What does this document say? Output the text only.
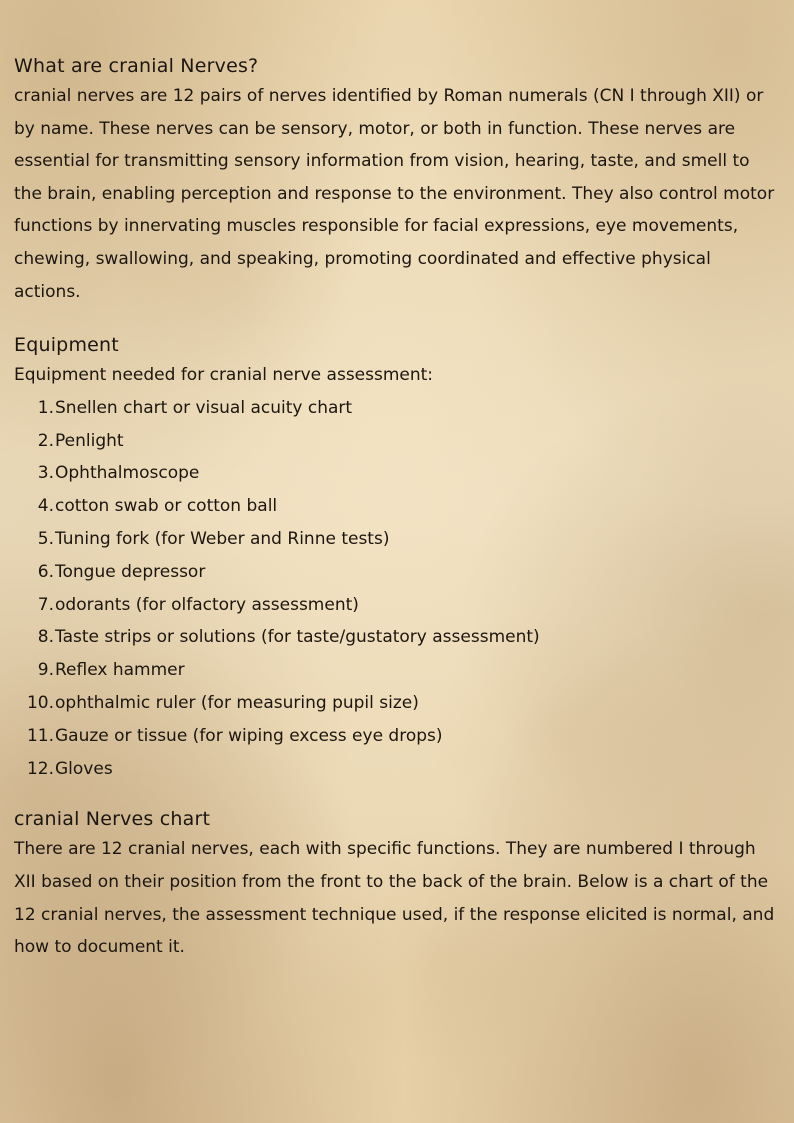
What are cranial Nerves?

cranial nerves are 12 pairs of nerves identified by Roman numerals (CN I through XII) or by name. These nerves can be sensory, motor, or both in function. These nerves are essential for transmitting sensory information from vision, hearing, taste, and smell to the brain, enabling perception and response to the environment. They also control motor functions by innervating muscles responsible for facial expressions, eye movements, chewing, swallowing, and speaking, promoting coordinated and effective physical actions.

Equipment

Equipment needed for cranial nerve assessment:

1. Snellen chart or visual acuity chart
2. Penlight
3. Ophthalmoscope
4. cotton swab or cotton ball
5. Tuning fork (for Weber and Rinne tests)
6. Tongue depressor
7. odorants (for olfactory assessment)
8. Taste strips or solutions (for taste/gustatory assessment)
9. Reflex hammer
10. ophthalmic ruler (for measuring pupil size)
11. Gauze or tissue (for wiping excess eye drops)
12. Gloves
cranial Nerves chart

There are 12 cranial nerves, each with specific functions. They are numbered I through XII based on their position from the front to the back of the brain. Below is a chart of the 12 cranial nerves, the assessment technique used, if the response elicited is normal, and how to document it.
